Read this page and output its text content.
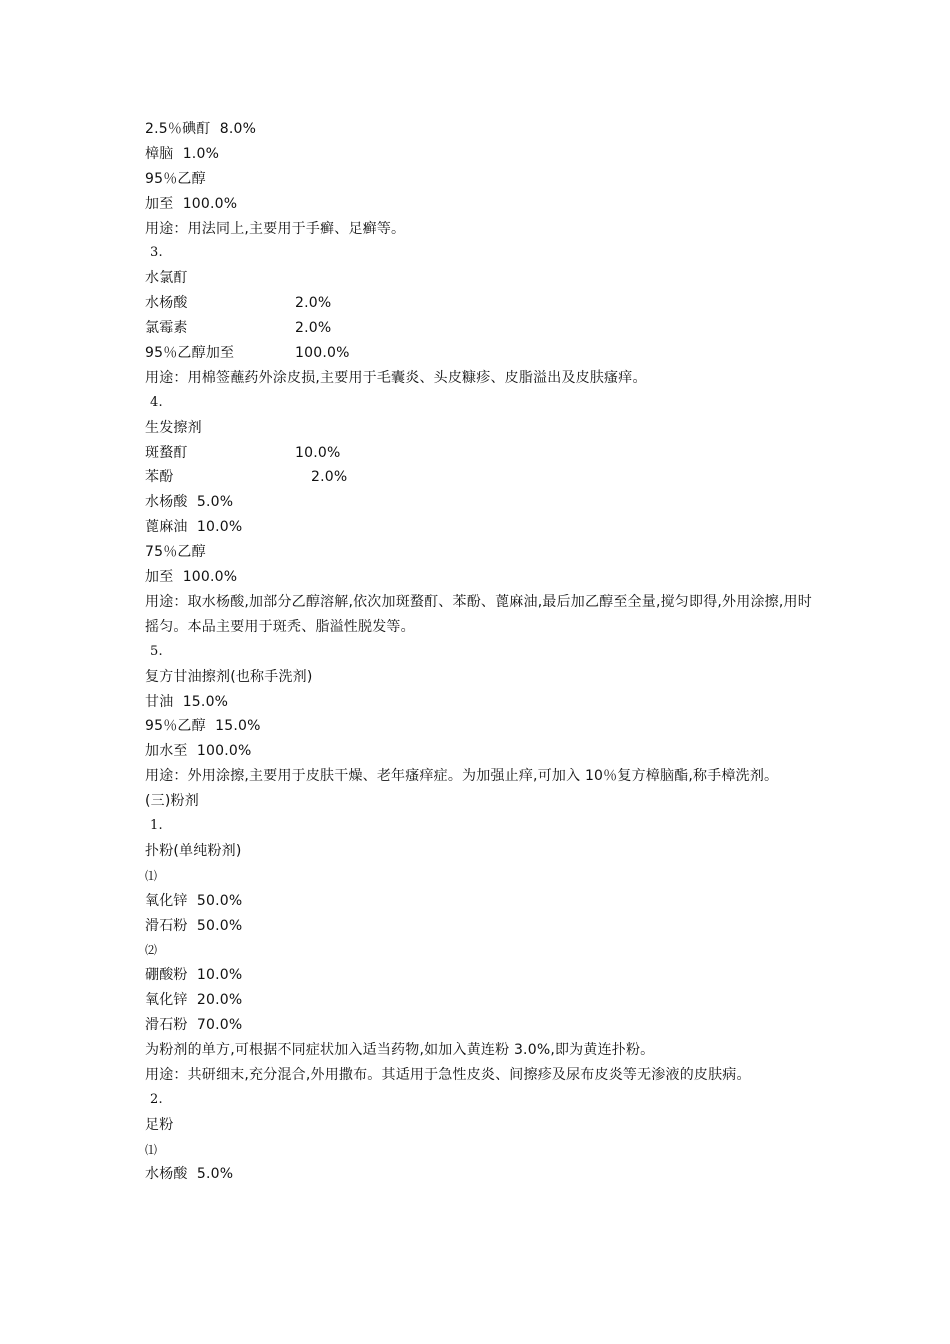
2.5％碘酊  8.0%
樟脑  1.0%
95％乙醇
加至  100.0%
用途：用法同上,主要用于手癣、足癣等。
3.
水氯酊
水杨酸	2.0%
氯霉素	2.0%
95％乙醇加至	100.0%
用途：用棉签蘸药外涂皮损,主要用于毛囊炎、头皮糠疹、皮脂溢出及皮肤瘙痒。
4.
生发擦剂
斑蝥酊	10.0%
苯酚	2.0%
水杨酸  5.0%
蓖麻油  10.0%
75％乙醇
加至  100.0%
用途：取水杨酸,加部分乙醇溶解,依次加斑蝥酊、苯酚、蓖麻油,最后加乙醇至全量,搅匀即得,外用涂擦,用时摇匀。本品主要用于斑秃、脂溢性脱发等。
5.
复方甘油擦剂(也称手洗剂)
甘油  15.0%
95％乙醇  15.0%
加水至  100.0%
用途：外用涂擦,主要用于皮肤干燥、老年瘙痒症。为加强止痒,可加入 10％复方樟脑酯,称手樟洗剂。
(三)粉剂
1.
扑粉(单纯粉剂)
⑴
氧化锌  50.0%
滑石粉  50.0%
⑵
硼酸粉  10.0%
氧化锌  20.0%
滑石粉  70.0%
为粉剂的单方,可根据不同症状加入适当药物,如加入黄连粉 3.0%,即为黄连扑粉。
用途：共研细末,充分混合,外用撒布。其适用于急性皮炎、间擦疹及尿布皮炎等无渗液的皮肤病。
2.
足粉
⑴
水杨酸  5.0%
